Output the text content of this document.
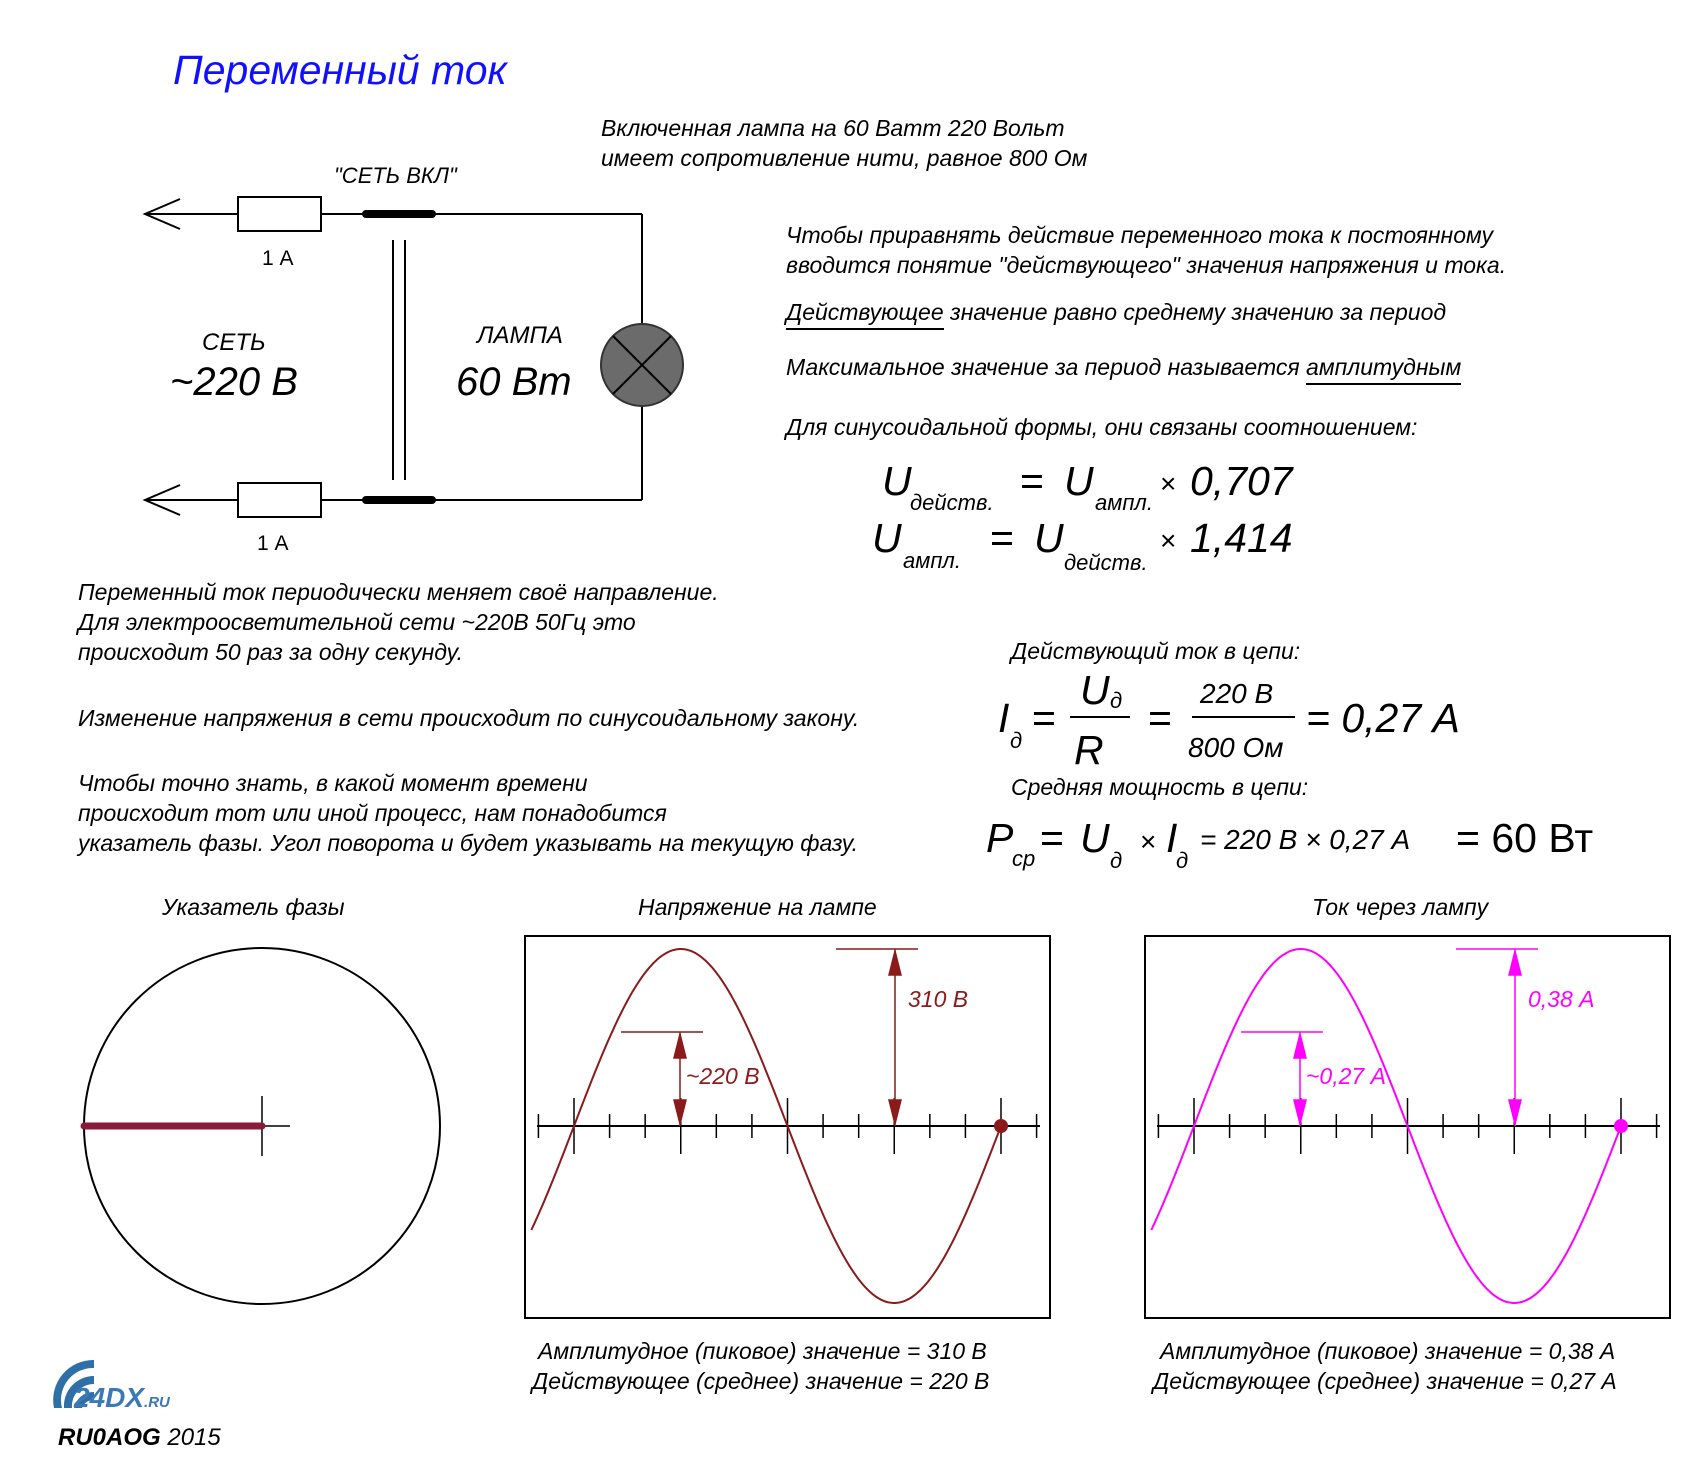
Переменный ток
"СЕТЬ ВКЛ"
1 А
1 А
СЕТЬ
~220 В
ЛАМПА
60 Вт
Включенная лампа на 60 Ватт 220 Вольт
имеет сопротивление нити, равное 800 Ом
Чтобы приравнять действие переменного тока к постоянному
вводится понятие "действующего" значения напряжения и тока.
Действующее значение равно среднему значению за период
Максимальное значение за период называется амплитудным
Для синусоидальной формы, они связаны соотношением:
U
действ. = U ампл.
× 0,707
U ампл. = U
действ.
× 1,414
Действующий ток в цепи:
I д =
U д
R
=
220 В
800 Ом
= 0,27 А
Средняя мощность в цепи:
P
ср = U д
× I
д
= 220 В × 0,27 А = 60 Вт
Переменный ток периодически меняет своё направление.
Для электроосветительной сети ~220В 50Гц это
происходит 50 раз за одну секунду.
Изменение напряжения в сети происходит по синусоидальному закону.
Чтобы точно знать, в какой момент времени
происходит тот или иной процесс, нам понадобится
указатель фазы. Угол поворота и будет указывать на текущую фазу.
Указатель фазы	Напряжение на лампе	Ток через лампу
310 В
~220 В
0,38 А
~0,27 А
Амплитудное (пиковое) значение = 310 В
Действующее (среднее) значение = 220 В
Амплитудное (пиковое) значение = 0,38 А
Действующее (среднее) значение = 0,27 А
24DX.RU
RU0AOG 2015
